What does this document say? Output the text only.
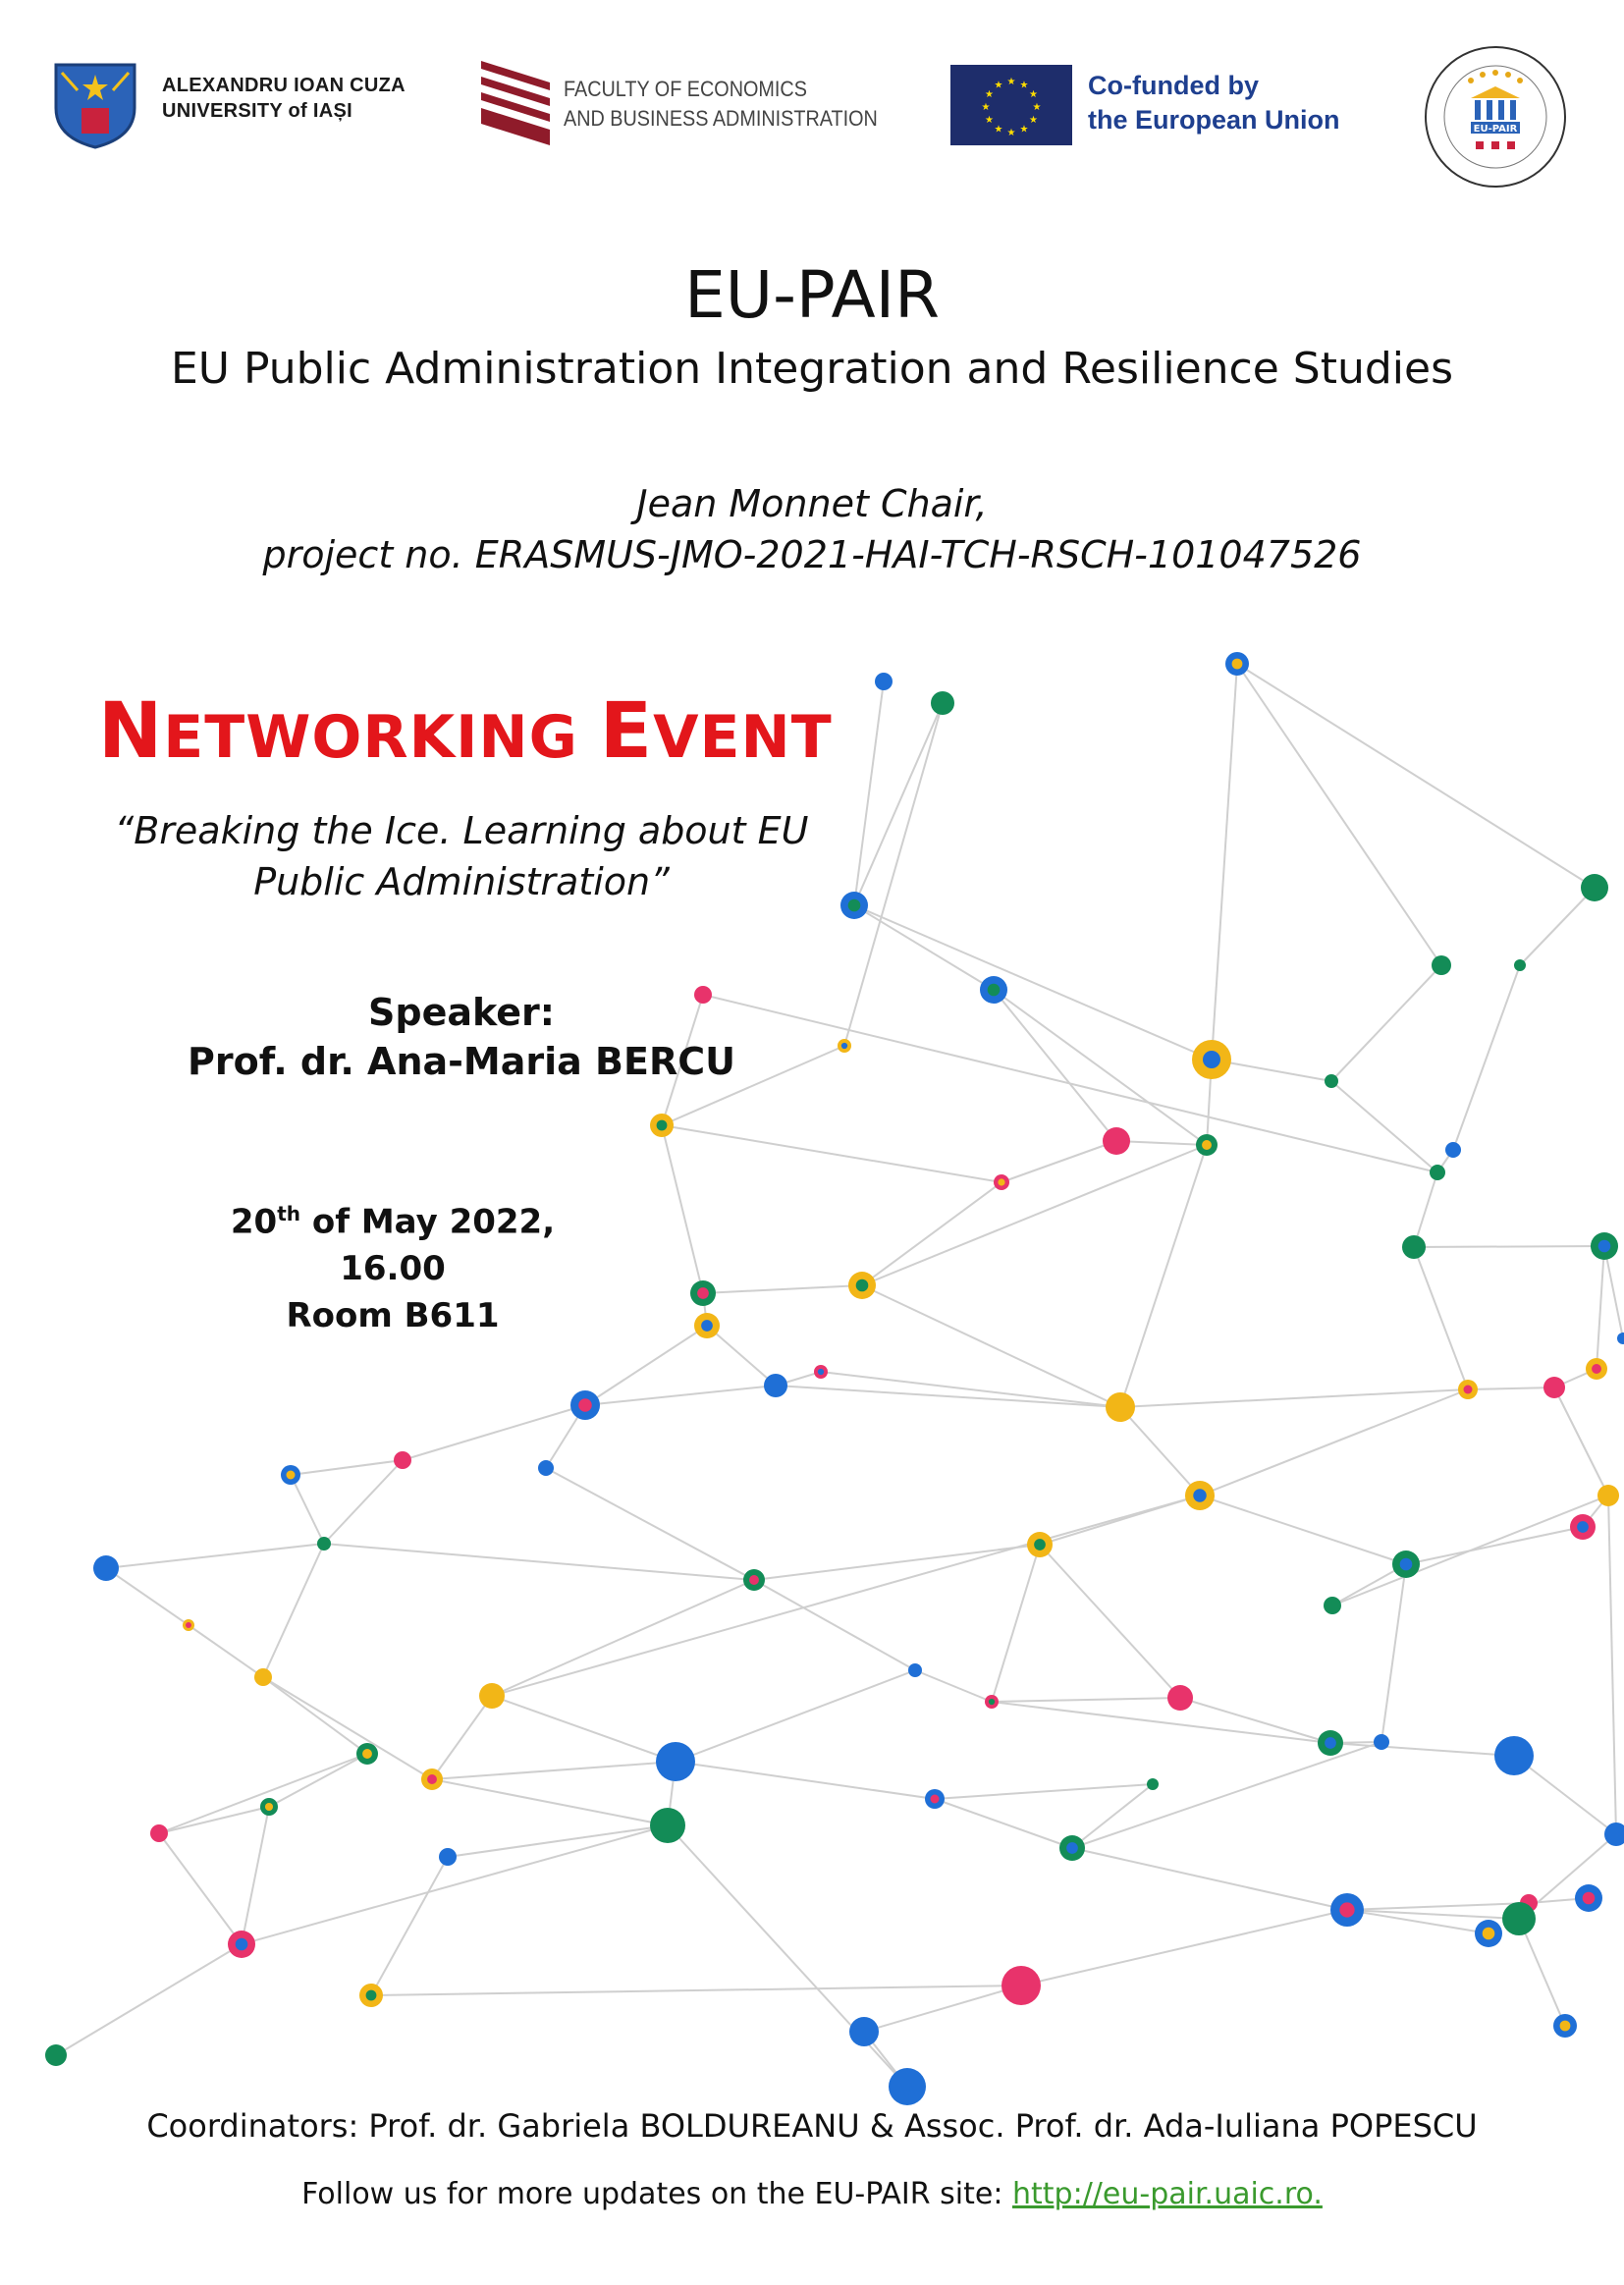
ALEXANDRU IOAN CUZA
UNIVERSITY of IAȘI
FACULTY OF ECONOMICS
AND BUSINESS ADMINISTRATION	★
★
★
★
★
★
★
★
★ ★ ★
★ Co-funded by
the European Union	EU-PAIR
EU-PAIR
EU Public Administration Integration and Resilience Studies
Jean Monnet Chair,
project no. ERASMUS-JMO-2021-HAI-TCH-RSCH-101047526
NETWORKING EVENT
“Breaking the Ice. Learning about EU
Public Administration”
Speaker:
Prof. dr. Ana-Maria BERCU
20th of May 2022,
16.00
Room B611
Coordinators: Prof. dr. Gabriela BOLDUREANU & Assoc. Prof. dr. Ada-Iuliana POPESCU
Follow us for more updates on the EU-PAIR site: http://eu-pair.uaic.ro.
